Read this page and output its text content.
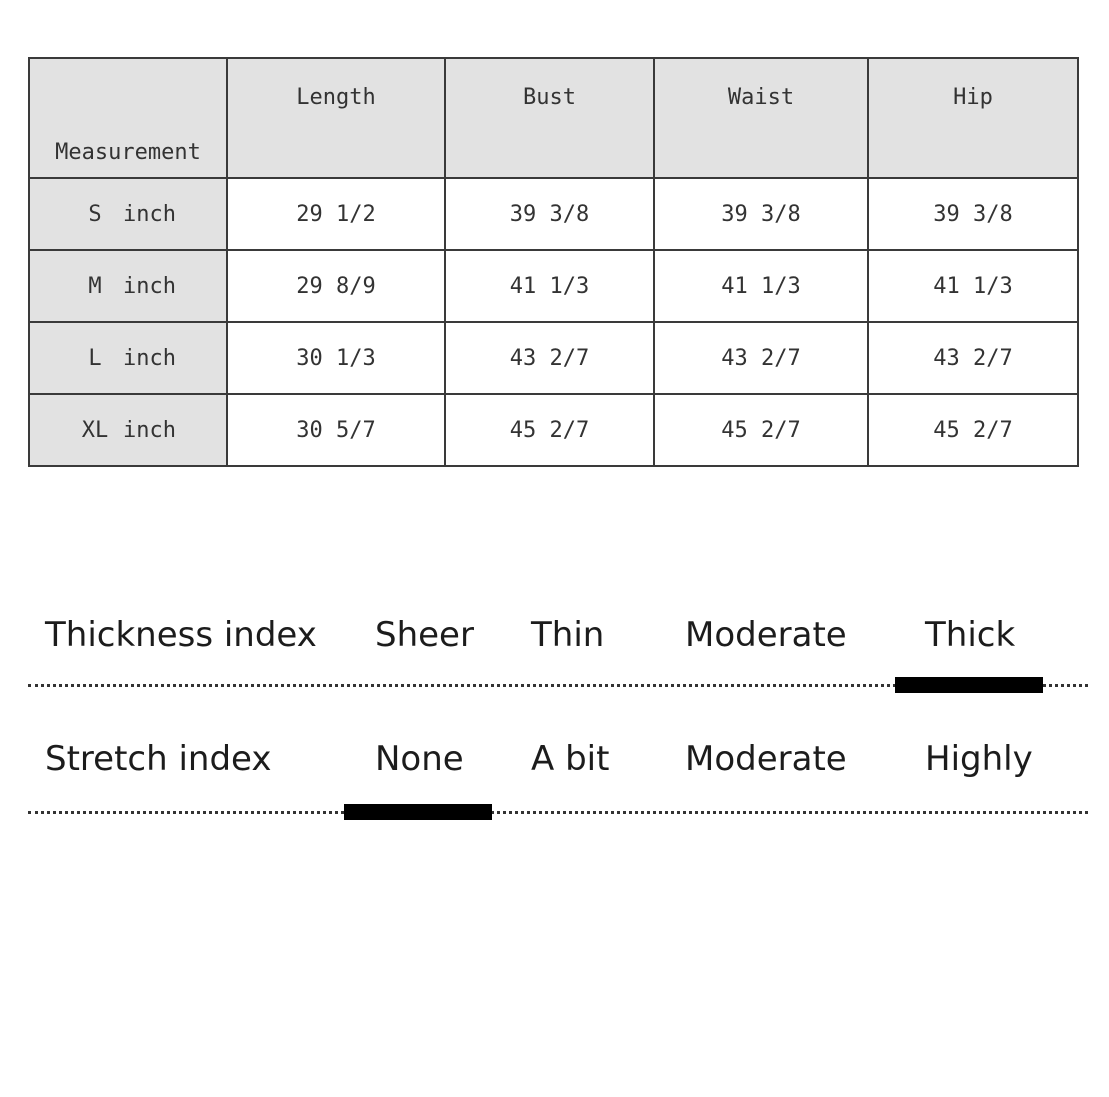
Measurement	Length	Bust	Waist	Hip
S inch	29 1/2	39 3/8	39 3/8	39 3/8
M inch	29 8/9	41 1/3	41 1/3	41 1/3
L inch	30 1/3	43 2/7	43 2/7	43 2/7
XL inch	30 5/7	45 2/7	45 2/7	45 2/7
Thickness index Sheer Thin Moderate Thick
Stretch index	None A bit Moderate Highly
